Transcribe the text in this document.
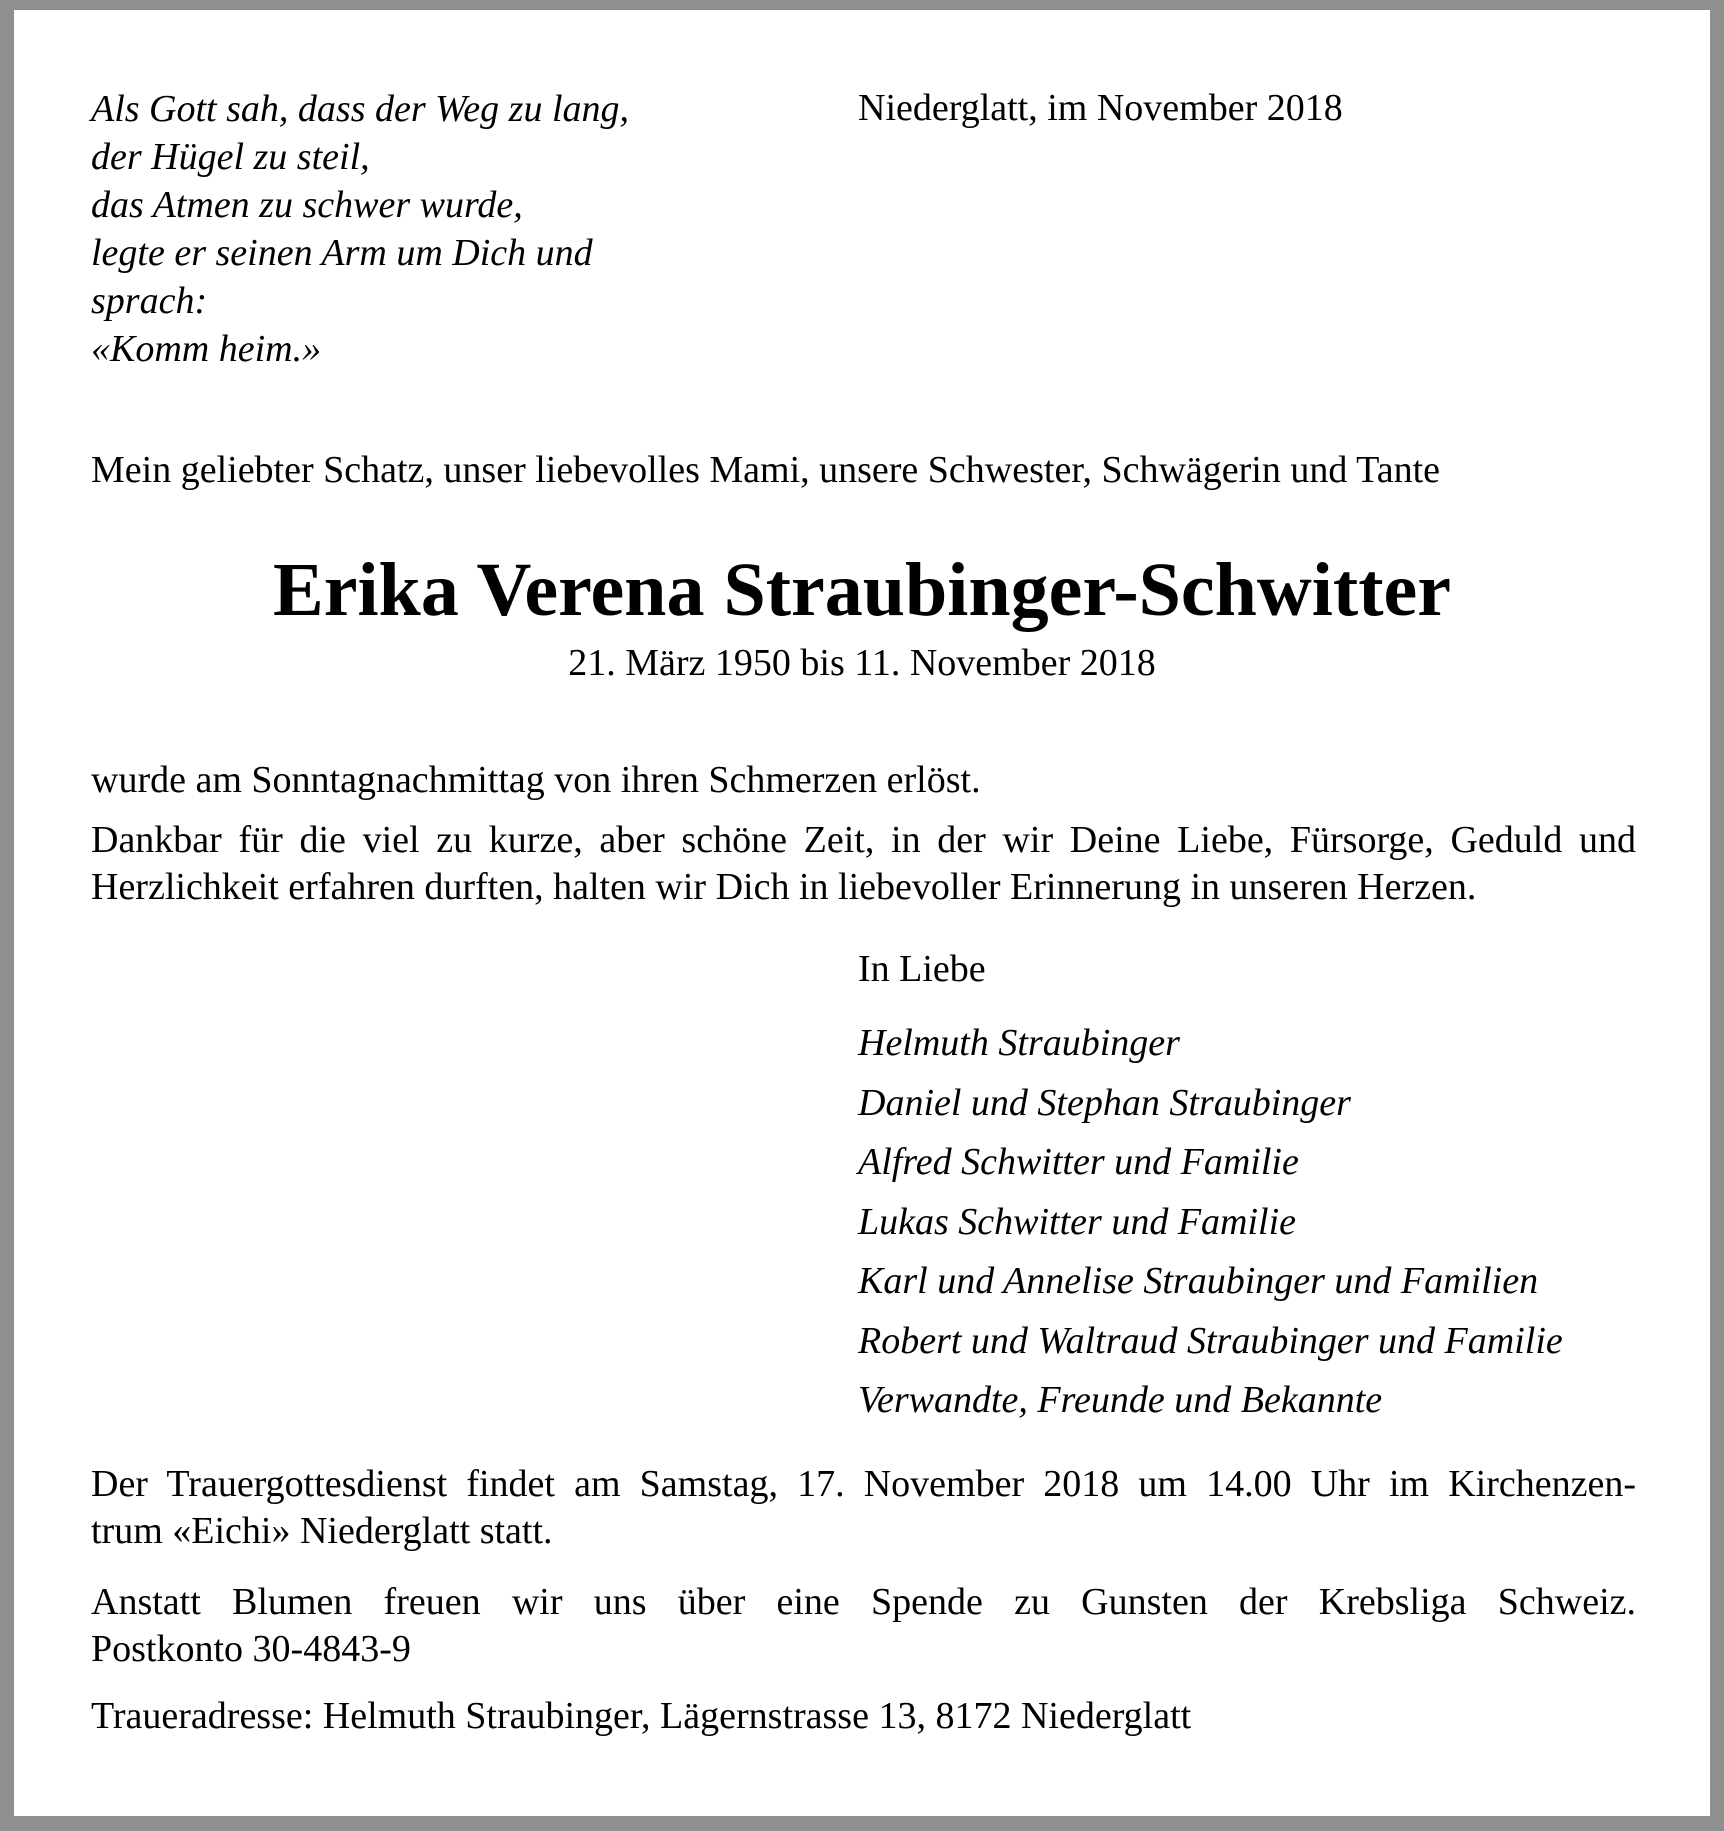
Als Gott sah, dass der Weg zu lang,
der Hügel zu steil,
das Atmen zu schwer wurde,
legte er seinen Arm um Dich und
sprach:
«Komm heim.»

Niederglatt, im November 2018

Mein geliebter Schatz, unser liebevolles Mami, unsere Schwester, Schwägerin und Tante

Erika Verena Straubinger-Schwitter

21. März 1950 bis 11. November 2018

wurde am Sonntagnachmittag von ihren Schmerzen erlöst.

Dankbar für die viel zu kurze, aber schöne Zeit, in der wir Deine Liebe, Fürsorge, Geduld und Herzlichkeit erfahren durften, halten wir Dich in liebevoller Erinnerung in unseren Herzen.

In Liebe

Helmuth Straubinger
Daniel und Stephan Straubinger
Alfred Schwitter und Familie
Lukas Schwitter und Familie
Karl und Annelise Straubinger und Familien
Robert und Waltraud Straubinger und Familie
Verwandte, Freunde und Bekannte
Der Trauergottesdienst findet am Samstag, 17. November 2018 um 14.00 Uhr im Kirchenzen-
trum «Eichi» Niederglatt statt.
Anstatt Blumen freuen wir uns über eine Spende zu Gunsten der Krebsliga Schweiz.
Postkonto 30-4843-9

Traueradresse: Helmuth Straubinger, Lägernstrasse 13, 8172 Niederglatt
